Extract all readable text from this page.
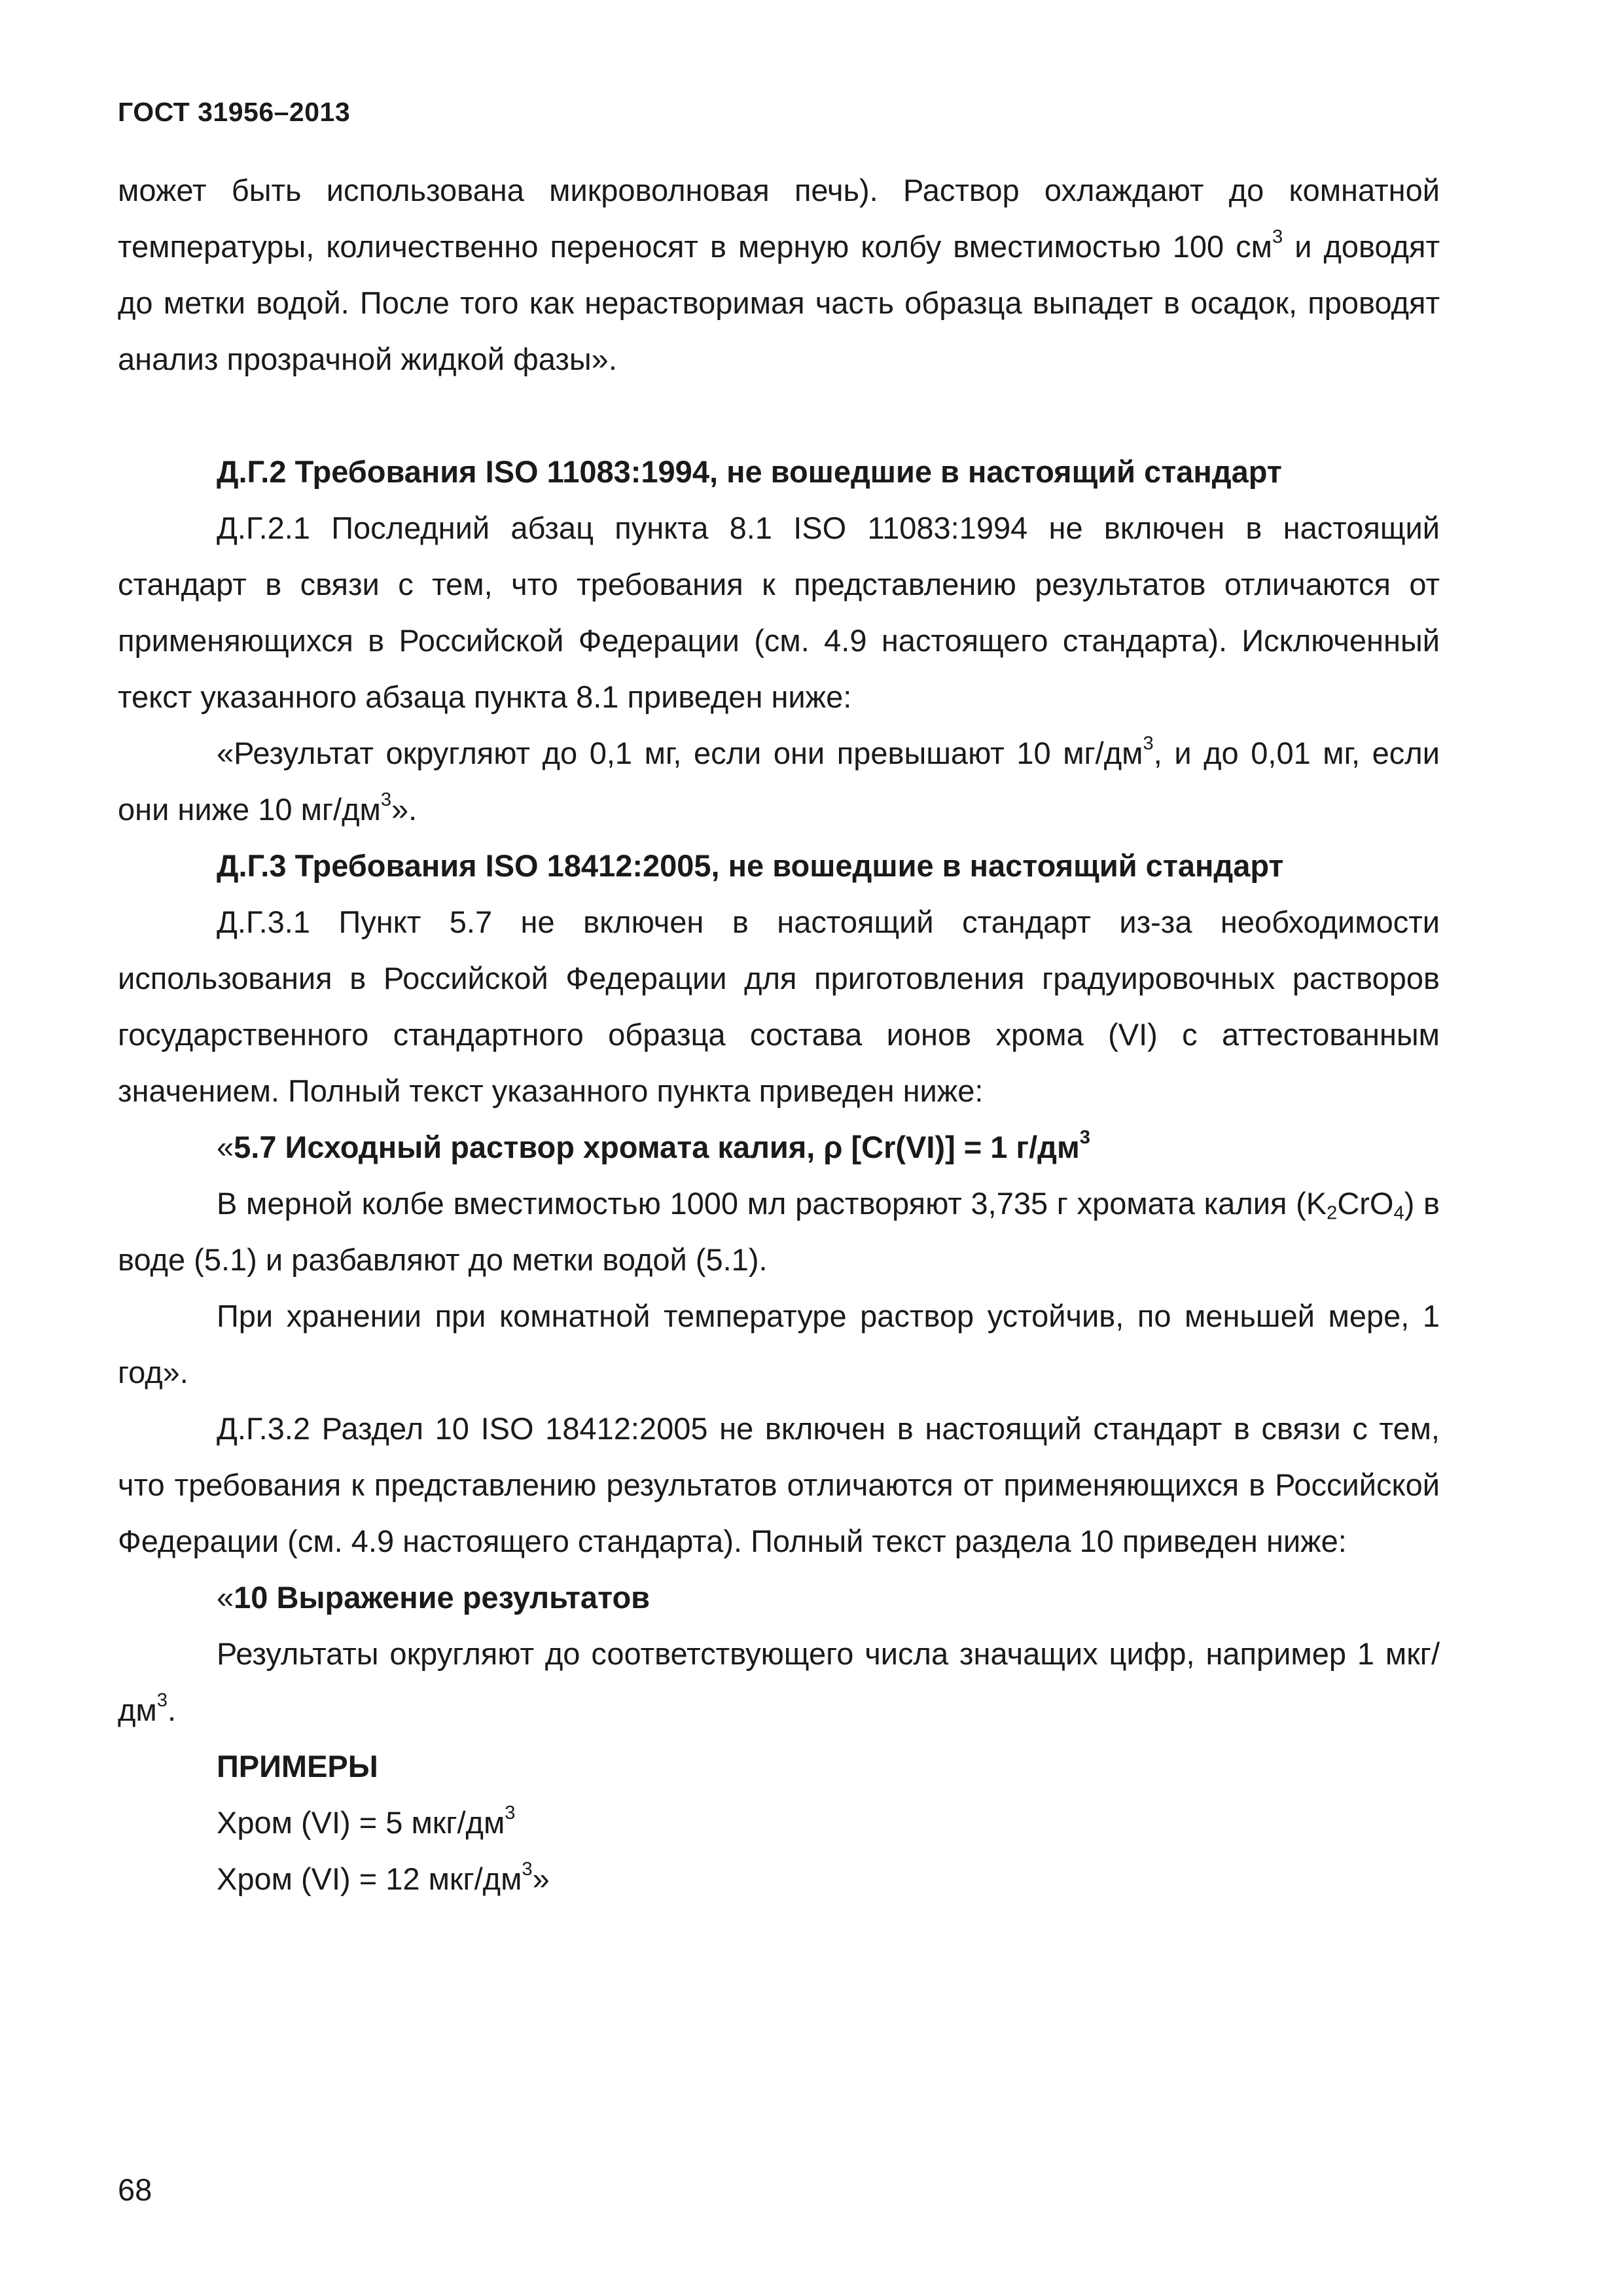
ГОСТ 31956–2013

может быть использована микроволновая печь). Раствор охлаждают до комнатной температуры, количественно переносят в мерную колбу вместимостью 100 $см^3$ и доводят до метки водой. После того как нерастворимая часть образца выпадет в осадок, проводят анализ прозрачной жидкой фазы».

Д.Г.2 Требования ISO 11083:1994, не вошедшие в настоящий стандарт

Д.Г.2.1 Последний абзац пункта 8.1 ISO 11083:1994 не включен в настоящий стандарт в связи с тем, что требования к представлению результатов отличаются от применяющихся в Российской Федерации (см. 4.9 настоящего стандарта). Исключенный текст указанного абзаца пункта 8.1 приведен ниже:

«Результат округляют до 0,1 мг, если они превышают 10 $мг/дм^3$, и до 0,01 мг, если они ниже 10 $мг/дм^3$».

Д.Г.3 Требования ISO 18412:2005, не вошедшие в настоящий стандарт

Д.Г.3.1 Пункт 5.7 не включен в настоящий стандарт из-за необходимости использования в Российской Федерации для приготовления градуировочных растворов государственного стандартного образца состава ионов хрома (VI) с аттестованным значением. Полный текст указанного пункта приведен ниже:

«5.7 Исходный раствор хромата калия, ρ [Cr(VI)] = 1 $г/дм^3$

В мерной колбе вместимостью 1000 мл растворяют 3,735 г хромата калия $(K_2CrO_4)$ в воде (5.1) и разбавляют до метки водой (5.1).

При хранении при комнатной температуре раствор устойчив, по меньшей мере, 1 год».

Д.Г.3.2 Раздел 10 ISO 18412:2005 не включен в настоящий стандарт в связи с тем, что требования к представлению результатов отличаются от применяющихся в Российской Федерации (см. 4.9 настоящего стандарта). Полный текст раздела 10 приведен ниже:

«10 Выражение результатов

Результаты округляют до соответствующего числа значащих цифр, например 1 мкг/$дм^3$.

ПРИМЕРЫ

Хром (VI) = 5 мкг/$дм^3$

Хром (VI) = 12 мкг/$дм^3$»

68
